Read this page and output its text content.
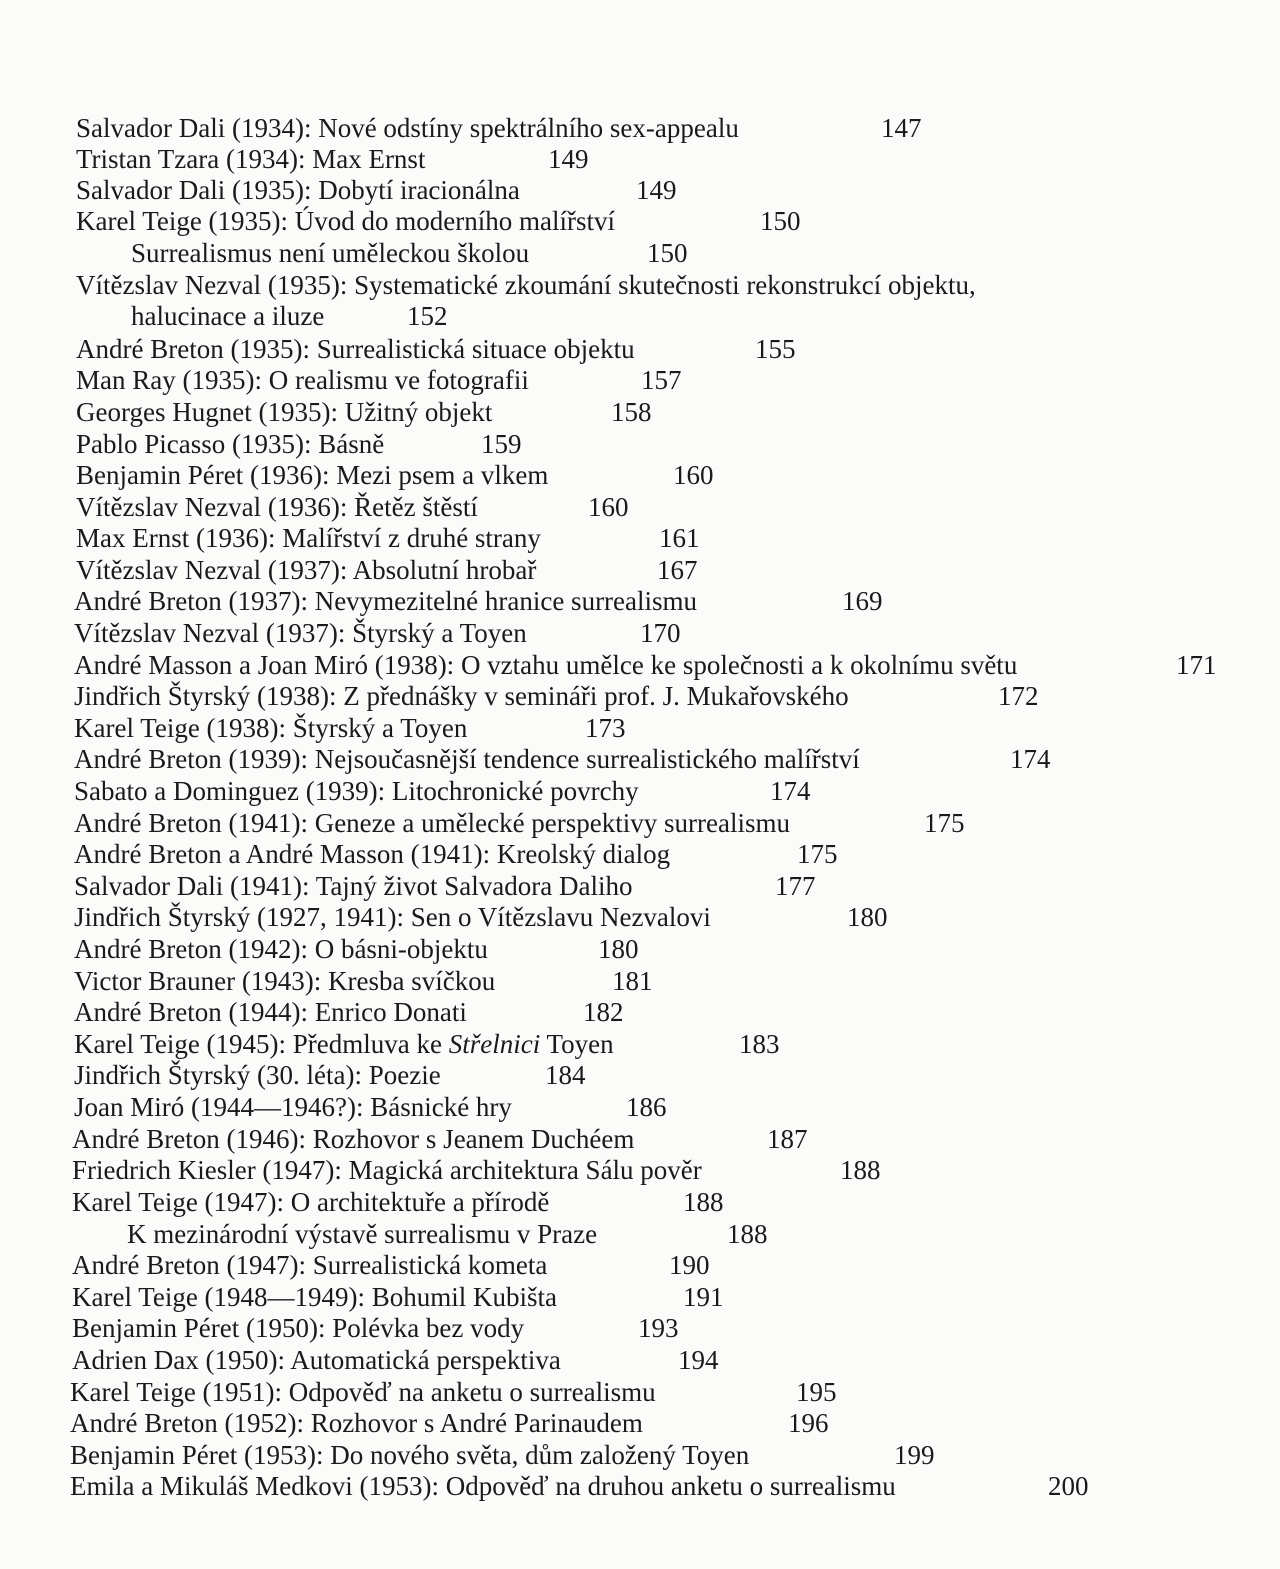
Salvador Dali (1934): Nové odstíny spektrálního sex-appealu	147
Tristan Tzara (1934): Max Ernst	149
Salvador Dali (1935): Dobytí iracionálna	149
Karel Teige (1935): Úvod do moderního malířství	150
Surrealismus není uměleckou školou	150
Vítězslav Nezval (1935): Systematické zkoumání skutečnosti rekonstrukcí objektu,
halucinace a iluze	152
André Breton (1935): Surrealistická situace objektu	155
Man Ray (1935): O realismu ve fotografii	157
Georges Hugnet (1935): Užitný objekt	158
Pablo Picasso (1935): Básně	159
Benjamin Péret (1936): Mezi psem a vlkem	160
Vítězslav Nezval (1936): Řetěz štěstí	160
Max Ernst (1936): Malířství z druhé strany	161
Vítězslav Nezval (1937): Absolutní hrobař	167
André Breton (1937): Nevymezitelné hranice surrealismu	169
Vítězslav Nezval (1937): Štyrský a Toyen	170
André Masson a Joan Miró (1938): O vztahu umělce ke společnosti a k okolnímu světu	171
Jindřich Štyrský (1938): Z přednášky v semináři prof. J. Mukařovského	172
Karel Teige (1938): Štyrský a Toyen	173
André Breton (1939): Nejsoučasnější tendence surrealistického malířství	174
Sabato a Dominguez (1939): Litochronické povrchy	174
André Breton (1941): Geneze a umělecké perspektivy surrealismu	175
André Breton a André Masson (1941): Kreolský dialog	175
Salvador Dali (1941): Tajný život Salvadora Daliho	177
Jindřich Štyrský (1927, 1941): Sen o Vítězslavu Nezvalovi	180
André Breton (1942): O básni-objektu	180
Victor Brauner (1943): Kresba svíčkou	181
André Breton (1944): Enrico Donati	182
Karel Teige (1945): Předmluva ke Střelnici Toyen	183
Jindřich Štyrský (30. léta): Poezie	184
Joan Miró (1944—1946?): Básnické hry	186
André Breton (1946): Rozhovor s Jeanem Duchéem	187
Friedrich Kiesler (1947): Magická architektura Sálu pověr	188
Karel Teige (1947): O architektuře a přírodě	188
K mezinárodní výstavě surrealismu v Praze	188
André Breton (1947): Surrealistická kometa	190
Karel Teige (1948—1949): Bohumil Kubišta	191
Benjamin Péret (1950): Polévka bez vody	193
Adrien Dax (1950): Automatická perspektiva	194
Karel Teige (1951): Odpověď na anketu o surrealismu	195
André Breton (1952): Rozhovor s André Parinaudem	196
Benjamin Péret (1953): Do nového světa, dům založený Toyen	199
Emila a Mikuláš Medkovi (1953): Odpověď na druhou anketu o surrealismu	200
